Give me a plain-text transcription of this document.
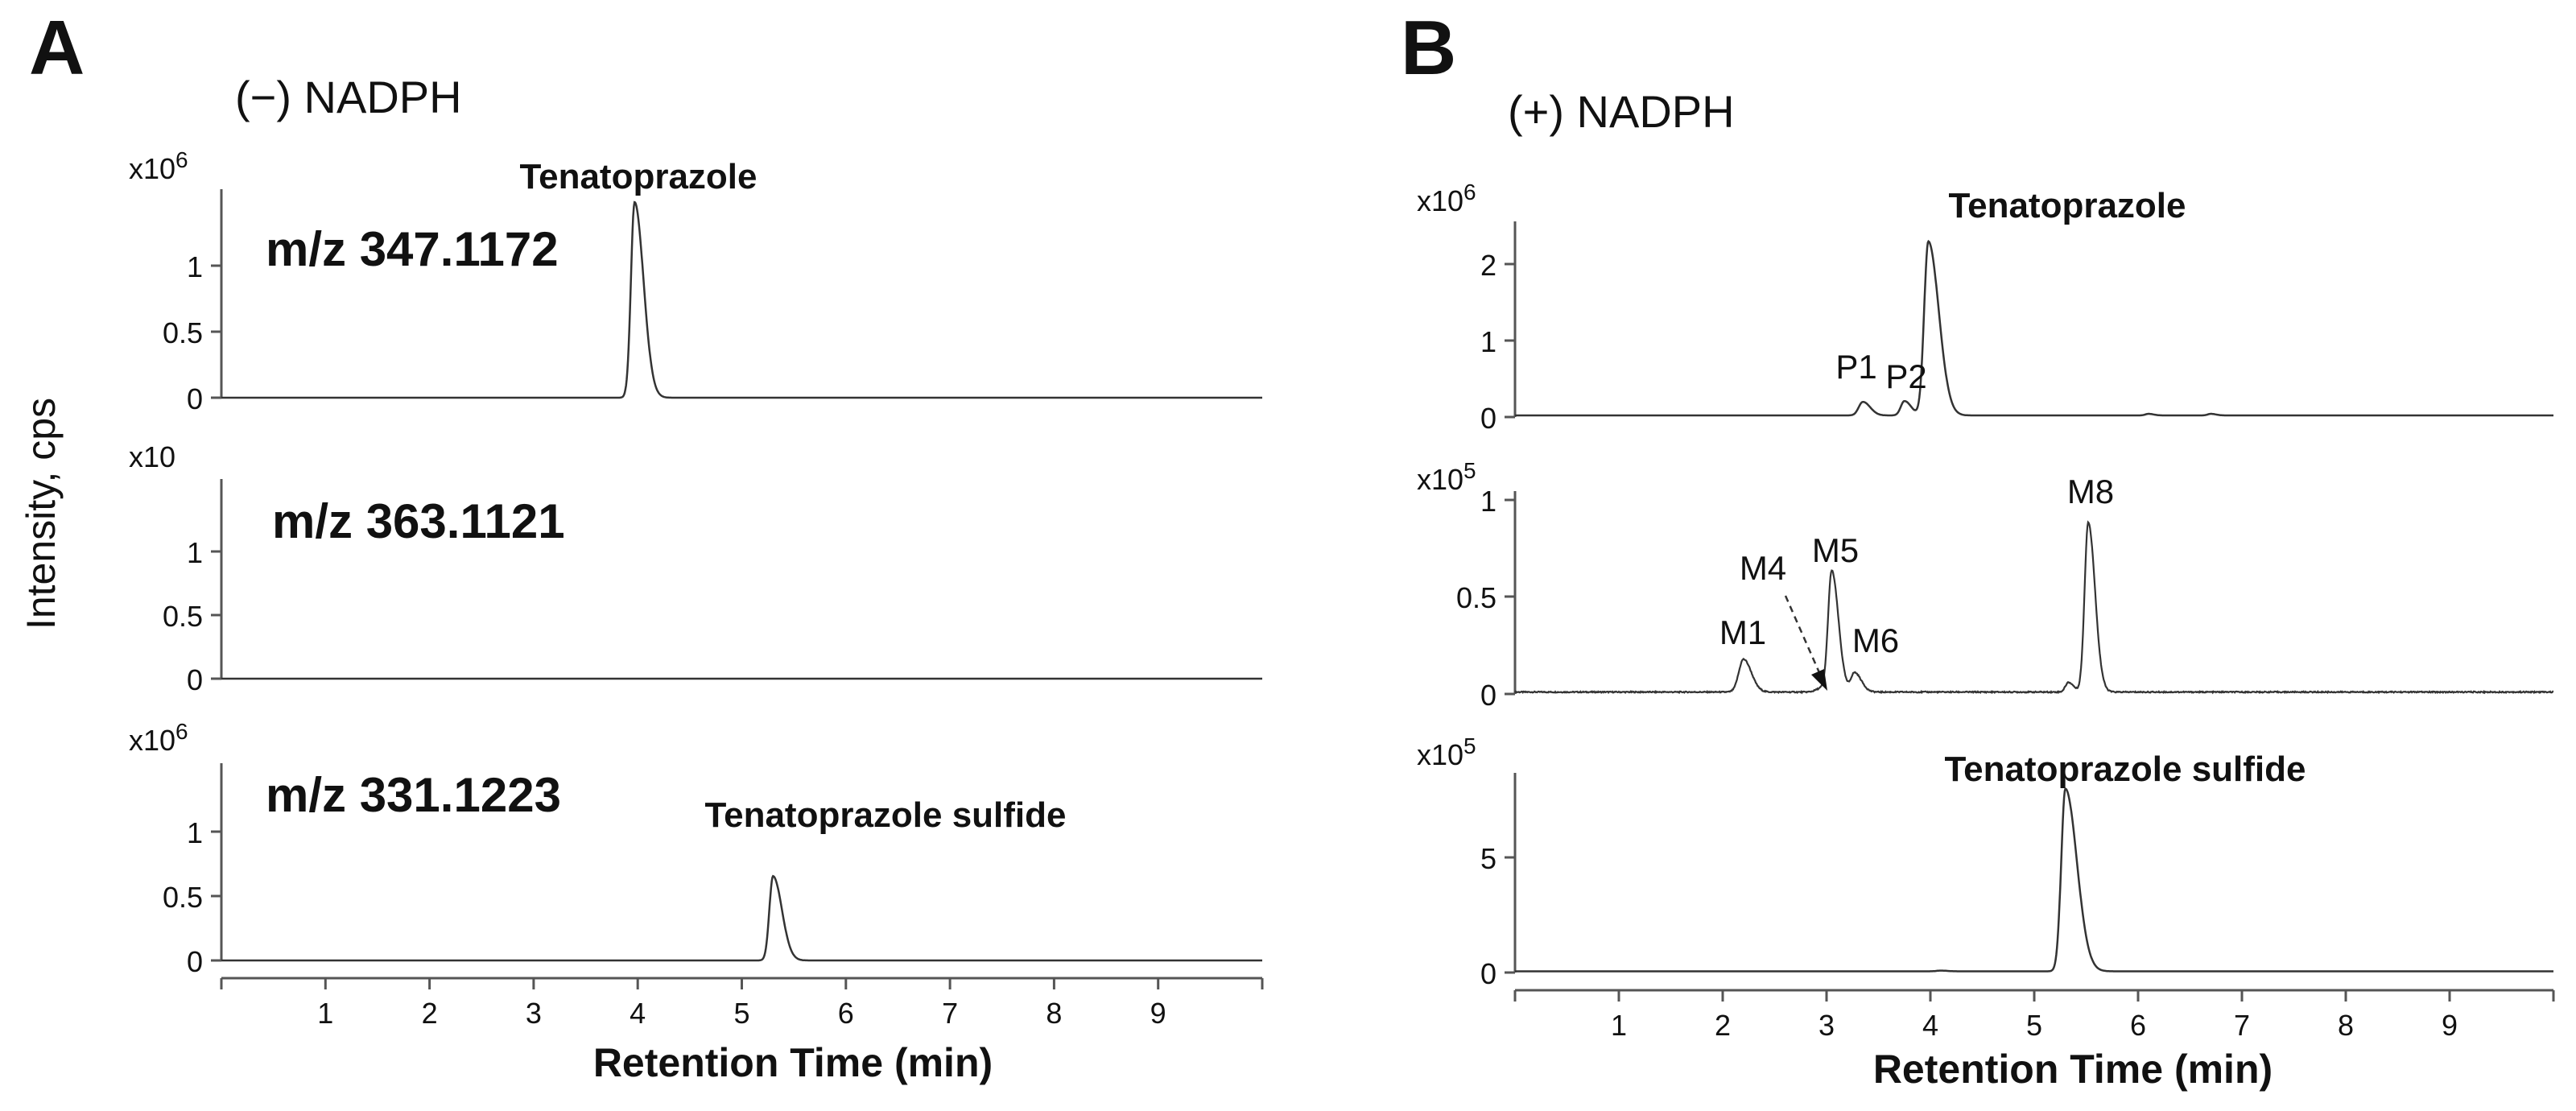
A
(−) NADPH
Intensity, cps
Retention Time (min)
B
(+) NADPH
Retention Time (min)
$x10^6$
m/z 347.1172
0
0.5
1
Tenatoprazole
x10
m/z 363.1121
0
0.5
1
$x10^6$
m/z 331.1223
0
0.5
1	Tenatoprazole sulfide
1	2	3	4	5	6	7	8	9
$x10^6$
0
1
2
P1 P2
Tenatoprazole
$x10^5$
0
0.5
1
M1
M4 M5
M6
M8
$x10^5$
0
5
Tenatoprazole sulfide
1	2	3	4	5	6	7	8	9
